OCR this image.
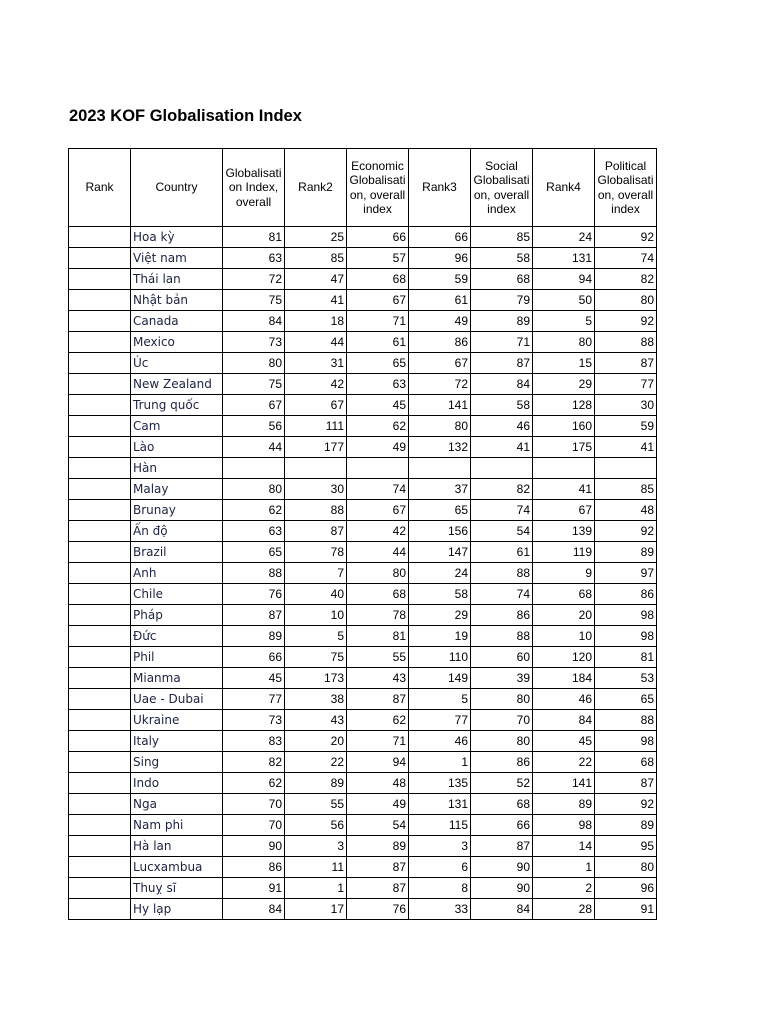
2023 KOF Globalisation Index
Rank	Country	Globalisation Index, overall	Rank2	Economic Globalisation, overall index	Rank3	Social Globalisation, overall index	Rank4	Political Globalisation, overall index
	Hoa kỳ	81	25	66	66	85	24	92
	Việt nam	63	85	57	96	58	131	74
	Thái lan	72	47	68	59	68	94	82
	Nhật bản	75	41	67	61	79	50	80
	Canada	84	18	71	49	89	5	92
	Mexico	73	44	61	86	71	80	88
	Úc	80	31	65	67	87	15	87
	New Zealand	75	42	63	72	84	29	77
	Trung quốc	67	67	45	141	58	128	30
	Cam	56	111	62	80	46	160	59
	Lào	44	177	49	132	41	175	41
	Hàn							
	Malay	80	30	74	37	82	41	85
	Brunay	62	88	67	65	74	67	48
	Ấn độ	63	87	42	156	54	139	92
	Brazil	65	78	44	147	61	119	89
	Anh	88	7	80	24	88	9	97
	Chile	76	40	68	58	74	68	86
	Pháp	87	10	78	29	86	20	98
	Đức	89	5	81	19	88	10	98
	Phil	66	75	55	110	60	120	81
	Mianma	45	173	43	149	39	184	53
	Uae - Dubai	77	38	87	5	80	46	65
	Ukraine	73	43	62	77	70	84	88
	Italy	83	20	71	46	80	45	98
	Sing	82	22	94	1	86	22	68
	Indo	62	89	48	135	52	141	87
	Nga	70	55	49	131	68	89	92
	Nam phi	70	56	54	115	66	98	89
	Hà lan	90	3	89	3	87	14	95
	Lucxambua	86	11	87	6	90	1	80
	Thuỵ sĩ	91	1	87	8	90	2	96
	Hy lạp	84	17	76	33	84	28	91
